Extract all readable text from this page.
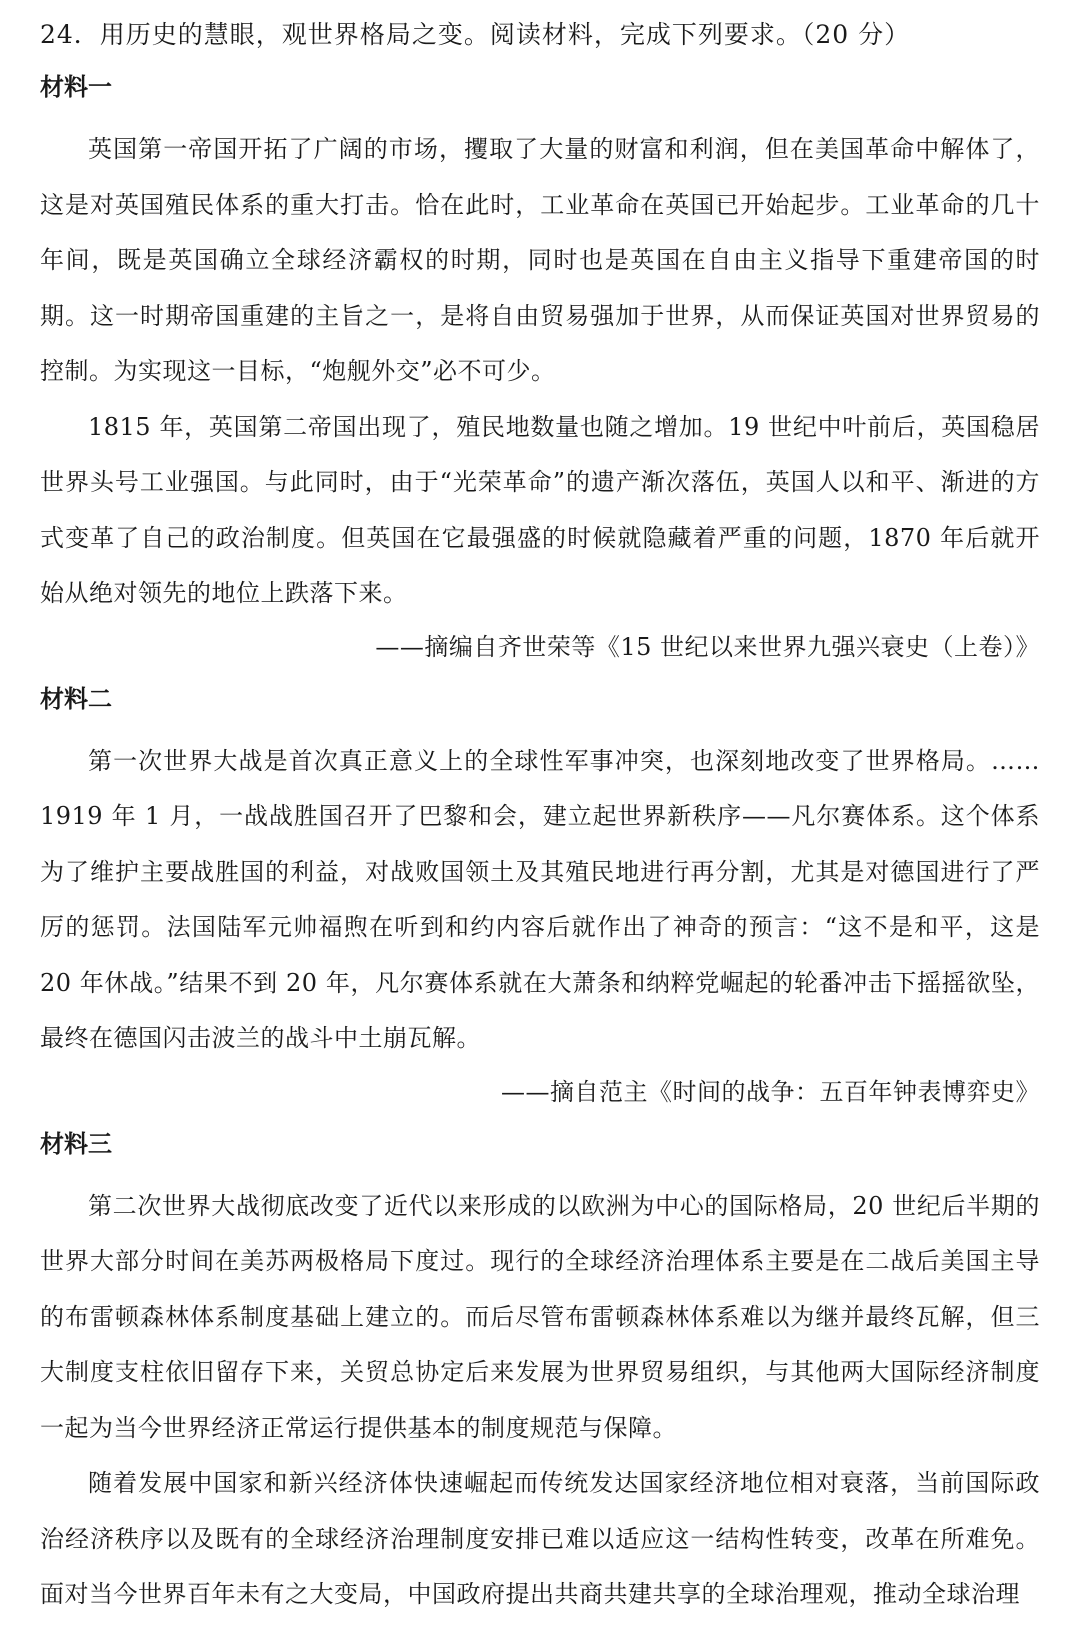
24．用历史的慧眼，观世界格局之变。阅读材料，完成下列要求。（20 分）
材料一

英国第一帝国开拓了广阔的市场，攫取了大量的财富和利润，但在美国革命中解体了，这是对英国殖民体系的重大打击。恰在此时，工业革命在英国已开始起步。工业革命的几十年间，既是英国确立全球经济霸权的时期，同时也是英国在自由主义指导下重建帝国的时期。这一时期帝国重建的主旨之一，是将自由贸易强加于世界，从而保证英国对世界贸易的控制。为实现这一目标，“炮舰外交”必不可少。

1815 年，英国第二帝国出现了，殖民地数量也随之增加。19 世纪中叶前后，英国稳居世界头号工业强国。与此同时，由于“光荣革命”的遗产渐次落伍，英国人以和平、渐进的方式变革了自己的政治制度。但英国在它最强盛的时候就隐藏着严重的问题，1870 年后就开始从绝对领先的地位上跌落下来。

——摘编自齐世荣等《15 世纪以来世界九强兴衰史（上卷）》
材料二

第一次世界大战是首次真正意义上的全球性军事冲突，也深刻地改变了世界格局。……1919 年 1 月，一战战胜国召开了巴黎和会，建立起世界新秩序——凡尔赛体系。这个体系为了维护主要战胜国的利益，对战败国领土及其殖民地进行再分割，尤其是对德国进行了严厉的惩罚。法国陆军元帅福煦在听到和约内容后就作出了神奇的预言：“这不是和平，这是 20 年休战。”结果不到 20 年，凡尔赛体系就在大萧条和纳粹党崛起的轮番冲击下摇摇欲坠，最终在德国闪击波兰的战斗中土崩瓦解。

——摘自范主《时间的战争：五百年钟表博弈史》
材料三

第二次世界大战彻底改变了近代以来形成的以欧洲为中心的国际格局，20 世纪后半期的世界大部分时间在美苏两极格局下度过。现行的全球经济治理体系主要是在二战后美国主导的布雷顿森林体系制度基础上建立的。而后尽管布雷顿森林体系难以为继并最终瓦解，但三大制度支柱依旧留存下来，关贸总协定后来发展为世界贸易组织，与其他两大国际经济制度一起为当今世界经济正常运行提供基本的制度规范与保障。

随着发展中国家和新兴经济体快速崛起而传统发达国家经济地位相对衰落，当前国际政治经济秩序以及既有的全球经济治理制度安排已难以适应这一结构性转变，改革在所难免。面对当今世界百年未有之大变局，中国政府提出共商共建共享的全球治理观，推动全球治理
